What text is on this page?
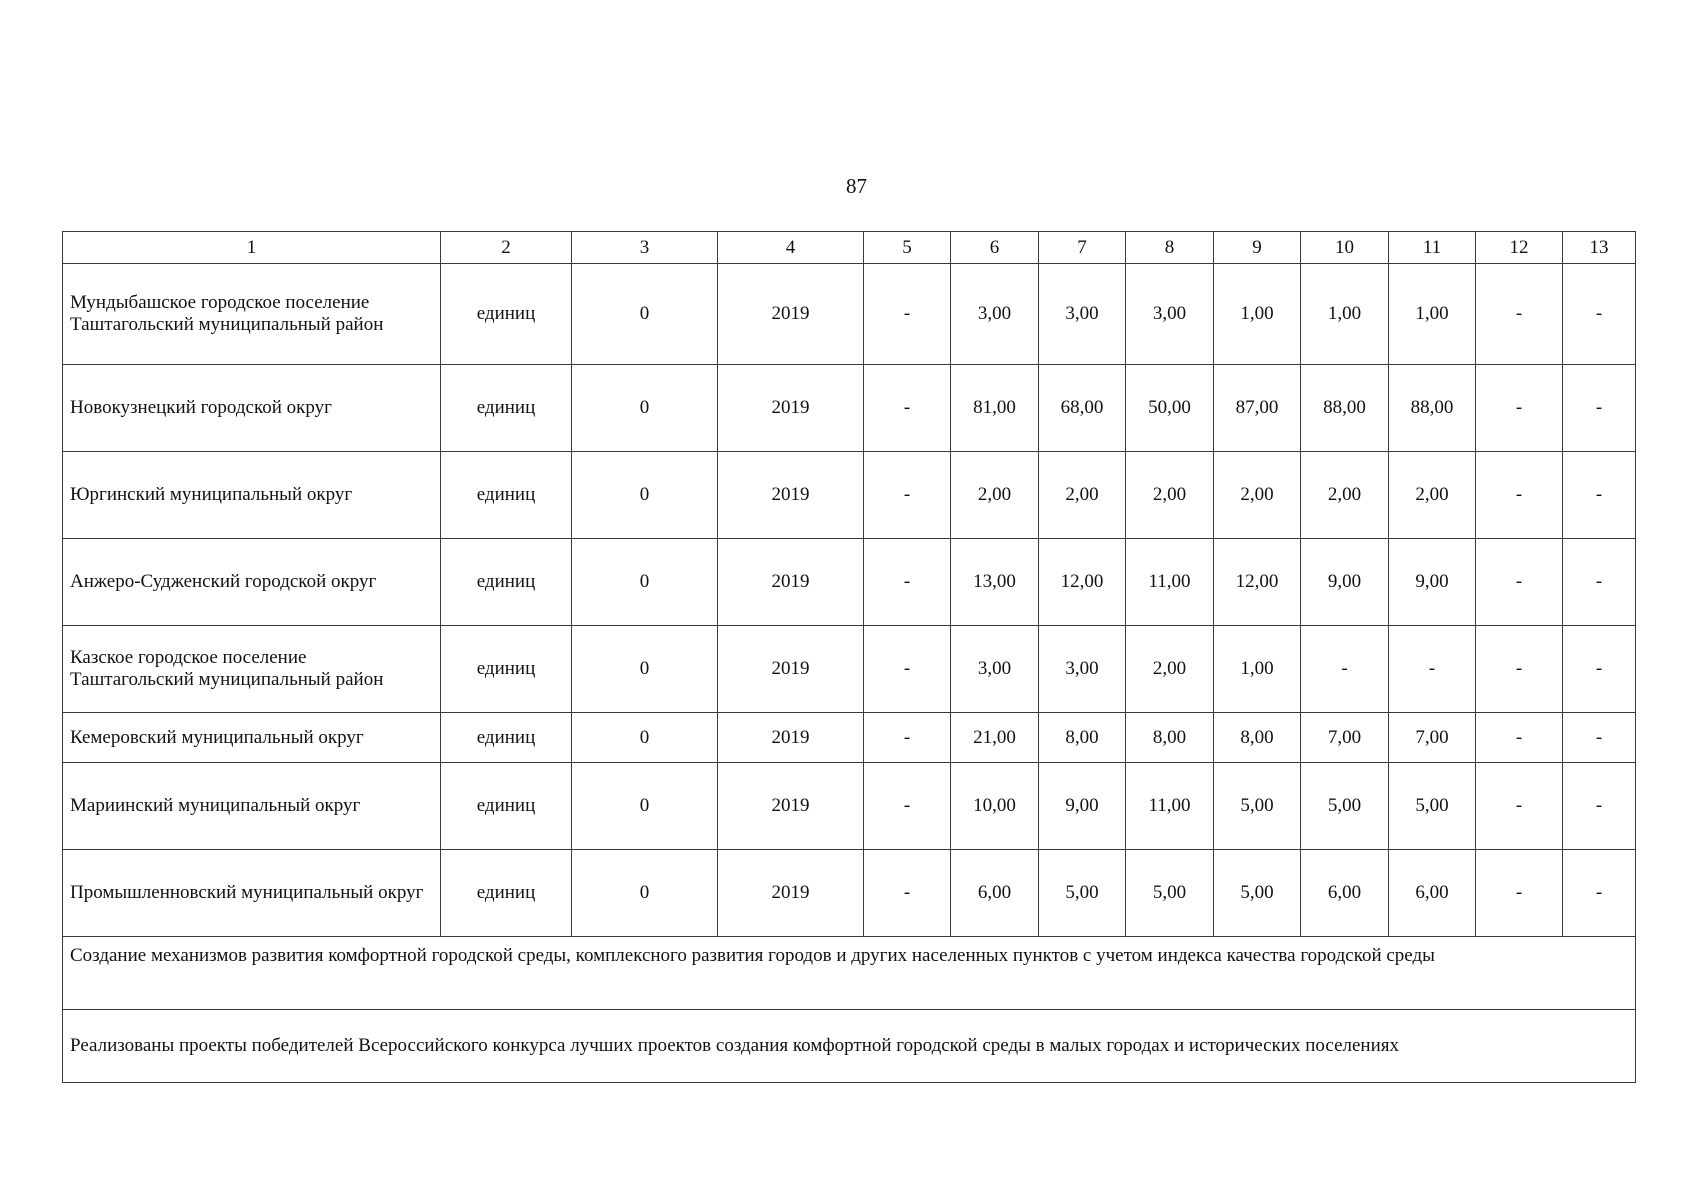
87
1	2	3	4	5	6	7	8	9	10	11	12	13
Мундыбашское городское поселение Таштагольский муниципальный район	единиц	0	2019	-	3,00	3,00	3,00	1,00	1,00	1,00	-	-
Новокузнецкий городской округ	единиц	0	2019	-	81,00	68,00	50,00	87,00	88,00	88,00	-	-
Юргинский муниципальный округ	единиц	0	2019	-	2,00	2,00	2,00	2,00	2,00	2,00	-	-
Анжеро-Судженский городской округ	единиц	0	2019	-	13,00	12,00	11,00	12,00	9,00	9,00	-	-
Казское городское поселение Таштагольский муниципальный район	единиц	0	2019	-	3,00	3,00	2,00	1,00	-	-	-	-
Кемеровский муниципальный округ	единиц	0	2019	-	21,00	8,00	8,00	8,00	7,00	7,00	-	-
Мариинский муниципальный округ	единиц	0	2019	-	10,00	9,00	11,00	5,00	5,00	5,00	-	-
Промышленновский муниципальный округ	единиц	0	2019	-	6,00	5,00	5,00	5,00	6,00	6,00	-	-
Создание механизмов развития комфортной городской среды, комплексного развития городов и других населенных пунктов с учетом индекса качества городской среды												
Реализованы проекты победителей Всероссийского конкурса лучших проектов создания комфортной городской среды в малых городах и исторических поселениях												
